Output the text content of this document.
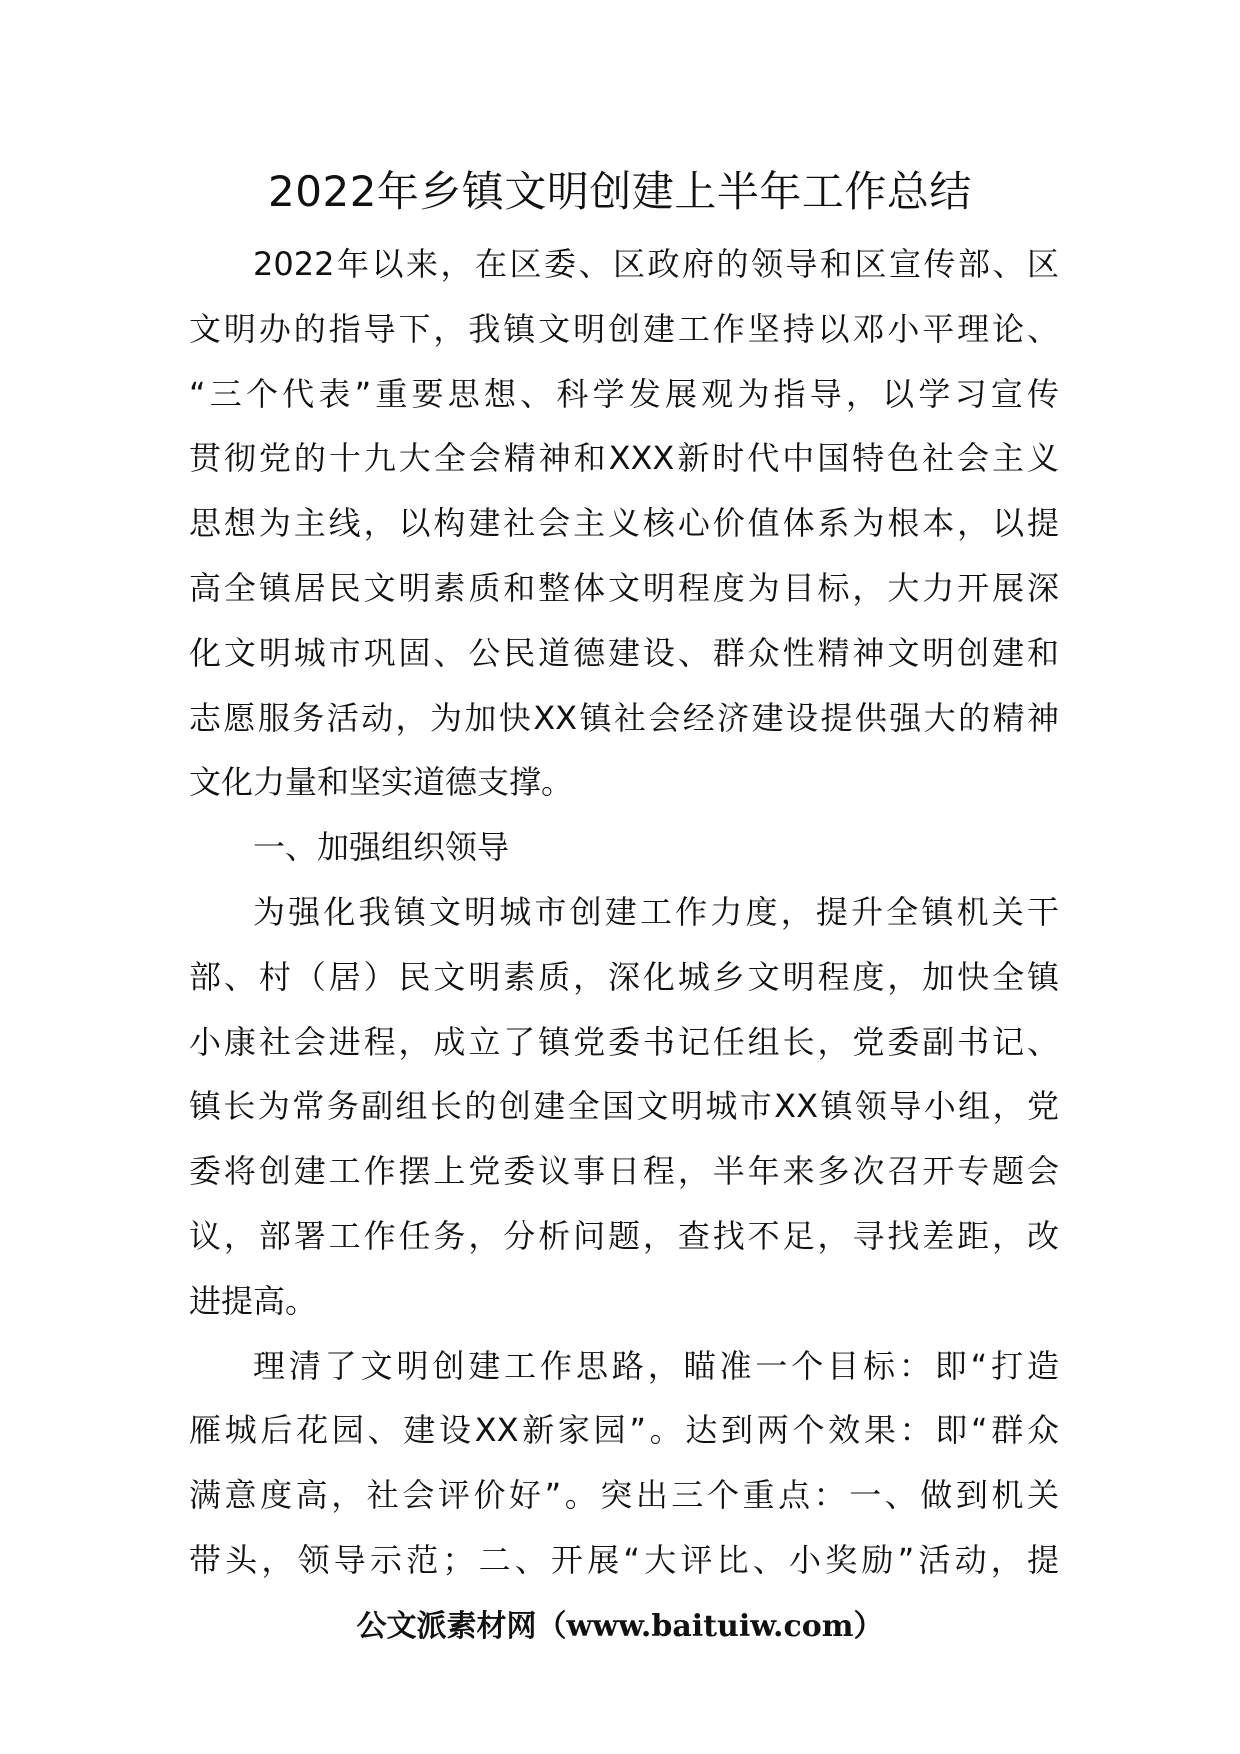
2022年乡镇文明创建上半年工作总结
2022年以来，在区委、区政府的领导和区宣传部、区
文明办的指导下，我镇文明创建工作坚持以邓小平理论、
“三个代表”重要思想、科学发展观为指导，以学习宣传
贯彻党的十九大全会精神和XXX新时代中国特色社会主义
思想为主线，以构建社会主义核心价值体系为根本，以提
高全镇居民文明素质和整体文明程度为目标，大力开展深
化文明城市巩固、公民道德建设、群众性精神文明创建和
志愿服务活动，为加快XX镇社会经济建设提供强大的精神
文化力量和坚实道德支撑。
一、加强组织领导
为强化我镇文明城市创建工作力度，提升全镇机关干
部、村（居）民文明素质，深化城乡文明程度，加快全镇
小康社会进程，成立了镇党委书记任组长，党委副书记、
镇长为常务副组长的创建全国文明城市XX镇领导小组，党
委将创建工作摆上党委议事日程，半年来多次召开专题会
议，部署工作任务，分析问题，查找不足，寻找差距，改
进提高。
理清了文明创建工作思路，瞄准一个目标：即“打造
雁城后花园、建设XX新家园”。达到两个效果：即“群众
满意度高，社会评价好”。突出三个重点：一、做到机关
带头，领导示范；二、开展“大评比、小奖励”活动，提
公文派素材网（www.baituiw.com）
